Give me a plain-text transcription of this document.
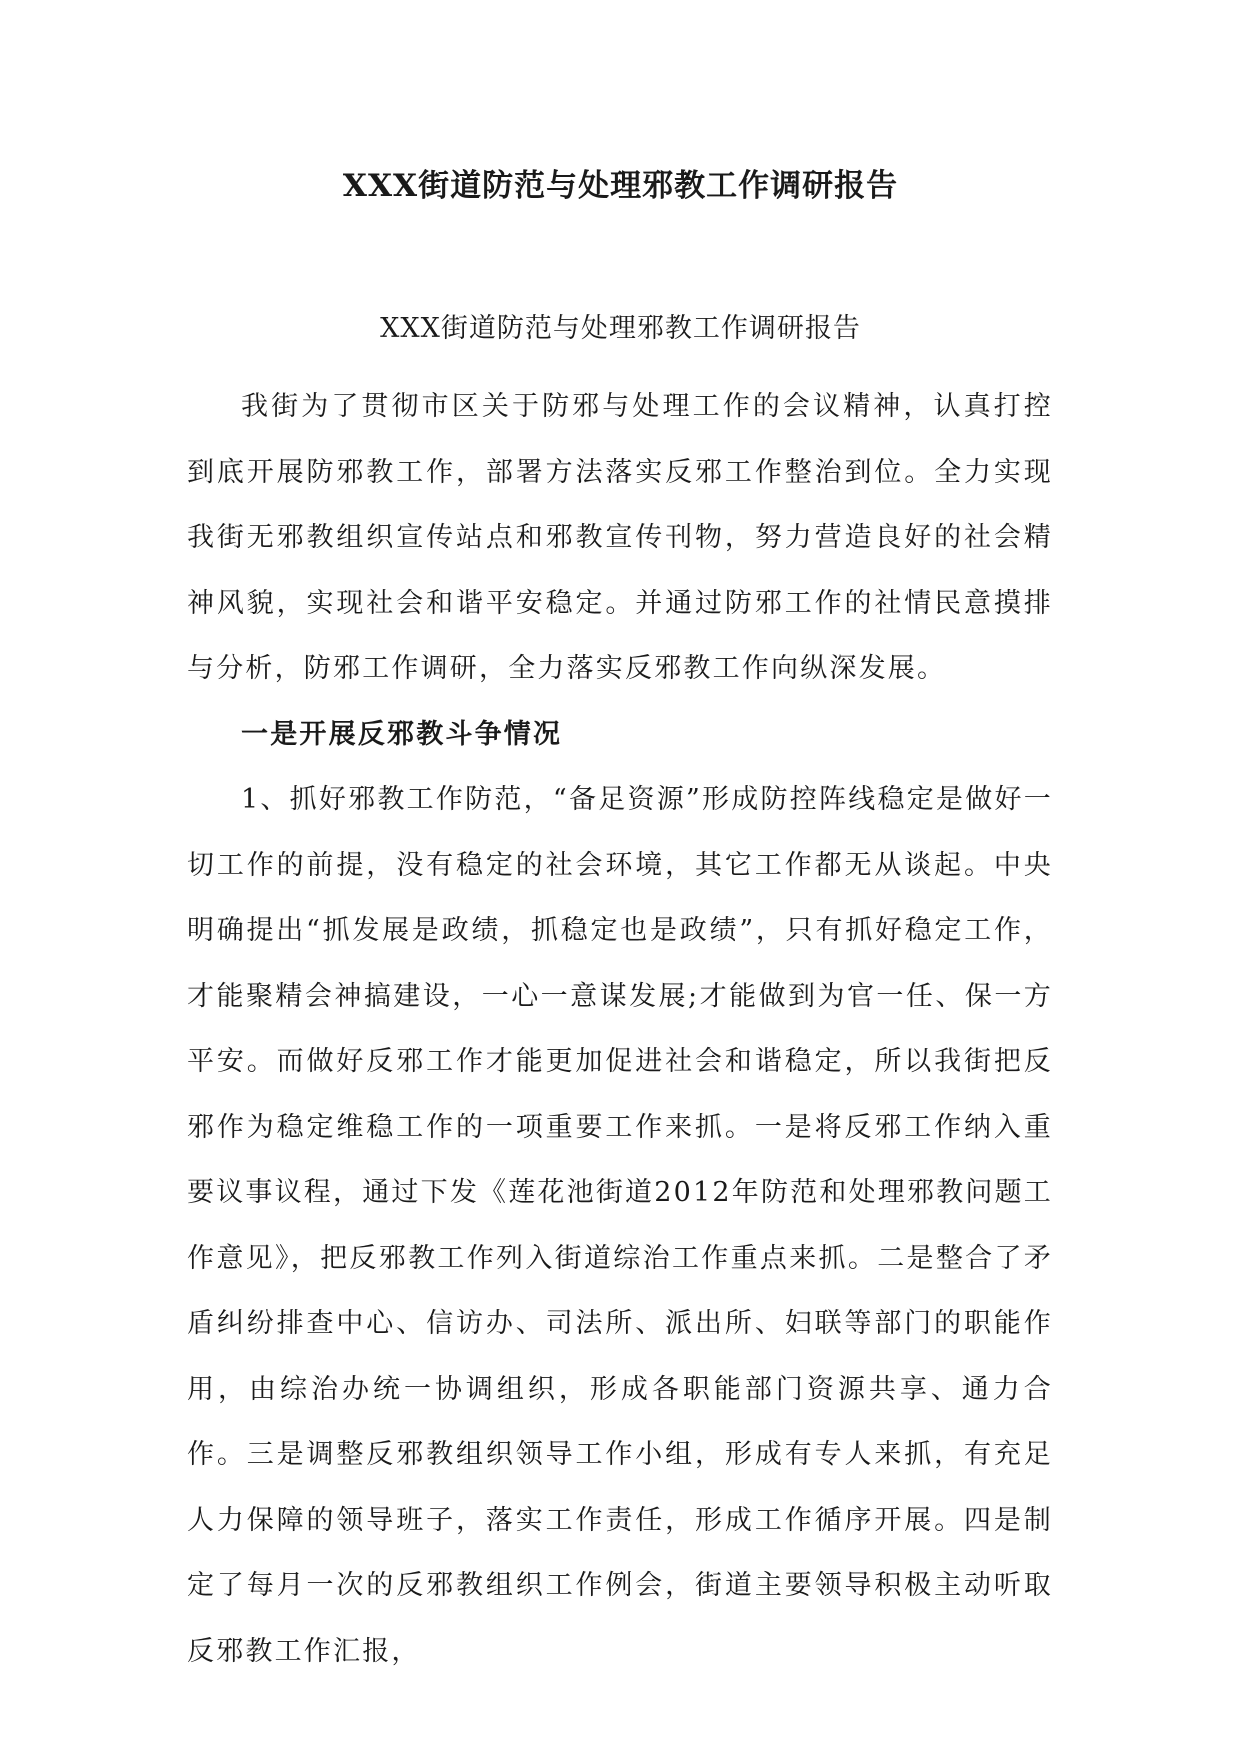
XXX街道防范与处理邪教工作调研报告
XXX街道防范与处理邪教工作调研报告

我街为了贯彻市区关于防邪与处理工作的会议精神，认真打控到底开展防邪教工作，部署方法落实反邪工作整治到位。全力实现我街无邪教组织宣传站点和邪教宣传刊物，努力营造良好的社会精神风貌，实现社会和谐平安稳定。并通过防邪工作的社情民意摸排与分析，防邪工作调研，全力落实反邪教工作向纵深发展。

一是开展反邪教斗争情况

1、抓好邪教工作防范，“备足资源”形成防控阵线稳定是做好一切工作的前提，没有稳定的社会环境，其它工作都无从谈起。中央明确提出“抓发展是政绩，抓稳定也是政绩”，只有抓好稳定工作，才能聚精会神搞建设，一心一意谋发展;才能做到为官一任、保一方平安。而做好反邪工作才能更加促进社会和谐稳定，所以我街把反邪作为稳定维稳工作的一项重要工作来抓。一是将反邪工作纳入重要议事议程，通过下发《莲花池街道2012年防范和处理邪教问题工作意见》，把反邪教工作列入街道综治工作重点来抓。二是整合了矛盾纠纷排查中心、信访办、司法所、派出所、妇联等部门的职能作用，由综治办统一协调组织，形成各职能部门资源共享、通力合作。三是调整反邪教组织领导工作小组，形成有专人来抓，有充足人力保障的领导班子，落实工作责任，形成工作循序开展。四是制定了每月一次的反邪教组织工作例会，街道主要领导积极主动听取反邪教工作汇报，
